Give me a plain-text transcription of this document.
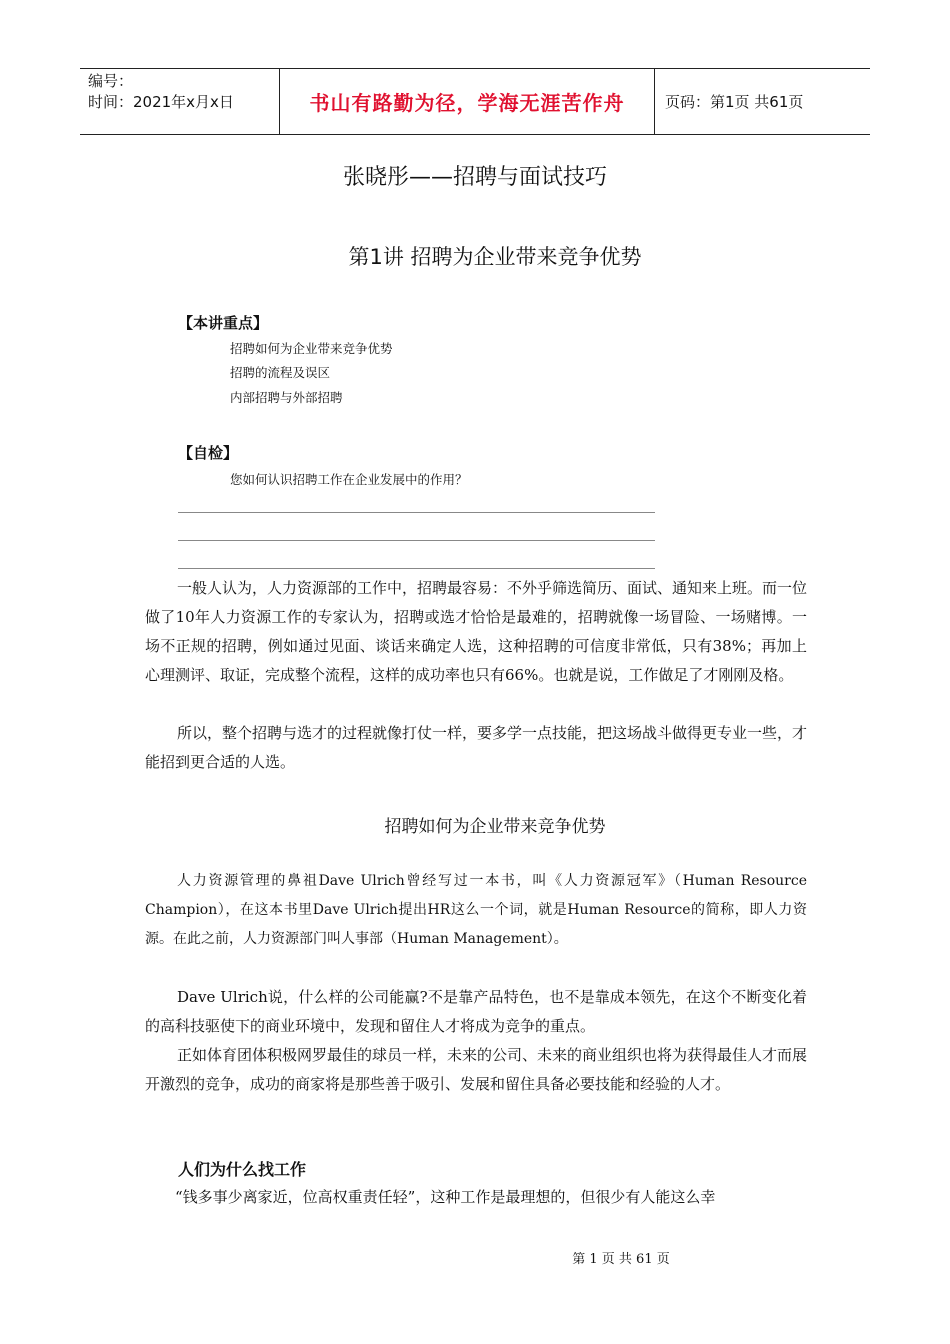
编号：
时间：2021年x月x日	书山有路勤为径，学海无涯苦作舟	页码：第1页 共61页
张晓彤——招聘与面试技巧
第1讲 招聘为企业带来竞争优势
【本讲重点】
招聘如何为企业带来竞争优势
招聘的流程及误区
内部招聘与外部招聘
【自检】
您如何认识招聘工作在企业发展中的作用？
一般人认为，人力资源部的工作中，招聘最容易：不外乎筛选简历、面试、通知来上班。而一位做了10年人力资源工作的专家认为，招聘或选才恰恰是最难的，招聘就像一场冒险、一场赌博。一场不正规的招聘，例如通过见面、谈话来确定人选，这种招聘的可信度非常低，只有38%；再加上心理测评、取证，完成整个流程，这样的成功率也只有66%。也就是说，工作做足了才刚刚及格。
所以，整个招聘与选才的过程就像打仗一样，要多学一点技能，把这场战斗做得更专业一些，才能招到更合适的人选。
招聘如何为企业带来竞争优势
人力资源管理的鼻祖Dave Ulrich曾经写过一本书，叫《人力资源冠军》（Human Resource Champion），在这本书里Dave Ulrich提出HR这么一个词，就是Human Resource的简称，即人力资源。在此之前，人力资源部门叫人事部（Human Management）。
Dave Ulrich说，什么样的公司能赢?不是靠产品特色，也不是靠成本领先，在这个不断变化着的高科技驱使下的商业环境中，发现和留住人才将成为竞争的重点。
正如体育团体积极网罗最佳的球员一样，未来的公司、未来的商业组织也将为获得最佳人才而展开激烈的竞争，成功的商家将是那些善于吸引、发展和留住具备必要技能和经验的人才。
人们为什么找工作
“钱多事少离家近，位高权重责任轻”，这种工作是最理想的，但很少有人能这么幸
第 1 页 共 61 页
